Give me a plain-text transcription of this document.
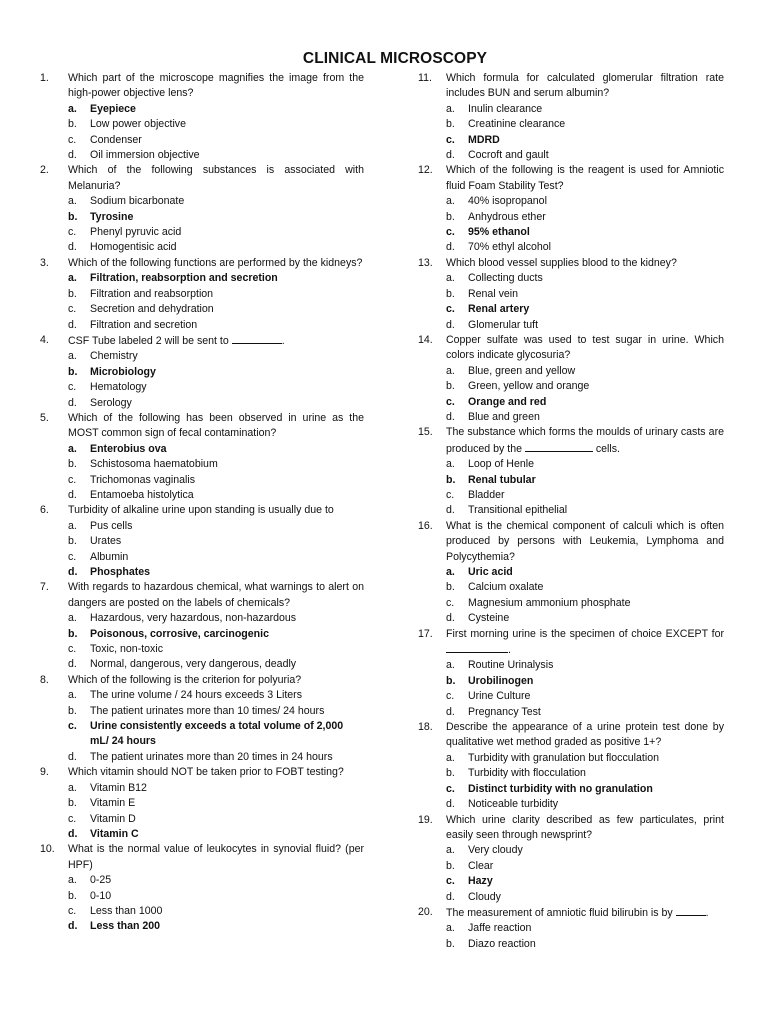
CLINICAL MICROSCOPY
1.	Which part of the microscope magnifies the image from the high-power objective lens?
a.	Eyepiece
b.	Low power objective
c.	Condenser
d.	Oil immersion objective
2.	Which of the following substances is associated with Melanuria?
a.	Sodium bicarbonate
b.	Tyrosine
c.	Phenyl pyruvic acid
d.	Homogentisic acid
3.	Which of the following functions are performed by the kidneys?
a.	Filtration, reabsorption and secretion
b.	Filtration and reabsorption
c.	Secretion and dehydration
d.	Filtration and secretion
4.	CSF Tube labeled 2 will be sent to	.
a.	Chemistry
b.	Microbiology
c.	Hematology
d.	Serology
5.	Which of the following has been observed in urine as the MOST common sign of fecal contamination?
a.	Enterobius ova
b.	Schistosoma haematobium
c.	Trichomonas vaginalis
d.	Entamoeba histolytica
6.	Turbidity of alkaline urine upon standing is usually due to
a.	Pus cells
b.	Urates
c.	Albumin
d.	Phosphates
7.	With regards to hazardous chemical, what warnings to alert on dangers are posted on the labels of chemicals?
a.	Hazardous, very hazardous, non-hazardous
b.	Poisonous, corrosive, carcinogenic
c.	Toxic, non-toxic
d.	Normal, dangerous, very dangerous, deadly
8.	Which of the following is the criterion for polyuria?
a.	The urine volume / 24 hours exceeds 3 Liters
b.	The patient urinates more than 10 times/ 24 hours
c.	Urine consistently exceeds a total volume of 2,000 mL/ 24 hours
d.	The patient urinates more than 20 times in 24 hours
9.	Which vitamin should NOT be taken prior to FOBT testing?
a.	Vitamin B12
b.	Vitamin E
c.	Vitamin D
d.	Vitamin C
10.	What is the normal value of leukocytes in synovial fluid? (per HPF)
a.	0-25
b.	0-10
c.	Less than 1000
d.	Less than 200
11.	Which formula for calculated glomerular filtration rate includes BUN and serum albumin?
a.	Inulin clearance
b.	Creatinine clearance
c.	MDRD
d.	Cocroft and gault
12.	Which of the following is the reagent is used for Amniotic fluid Foam Stability Test?
a.	40% isopropanol
b.	Anhydrous ether
c.	95% ethanol
d.	70% ethyl alcohol
13.	Which blood vessel supplies blood to the kidney?
a.	Collecting ducts
b.	Renal vein
c.	Renal artery
d.	Glomerular tuft
14.	Copper sulfate was used to test sugar in urine. Which colors indicate glycosuria?
a.	Blue, green and yellow
b.	Green, yellow and orange
c.	Orange and red
d.	Blue and green
15.	The substance which forms the moulds of urinary casts are produced by the	cells.
a.	Loop of Henle
b.	Renal tubular
c.	Bladder
d.	Transitional epithelial
16.	What is the chemical component of calculi which is often produced by persons with Leukemia, Lymphoma and Polycythemia?
a.	Uric acid
b.	Calcium oxalate
c.	Magnesium ammonium phosphate
d.	Cysteine
17.	First morning urine is the specimen of choice EXCEPT for.
a.	Routine Urinalysis
b.	Urobilinogen
c.	Urine Culture
d.	Pregnancy Test
18.	Describe the appearance of a urine protein test done by qualitative wet method graded as positive 1+?
a.	Turbidity with granulation but flocculation
b.	Turbidity with flocculation
c.	Distinct turbidity with no granulation
d.	Noticeable turbidity
19.	Which urine clarity described as few particulates, print easily seen through newsprint?
a.	Very cloudy
b.	Clear
c.	Hazy
d.	Cloudy
20.	The measurement of amniotic fluid bilirubin is by	.
a.	Jaffe reaction
b.	Diazo reaction
